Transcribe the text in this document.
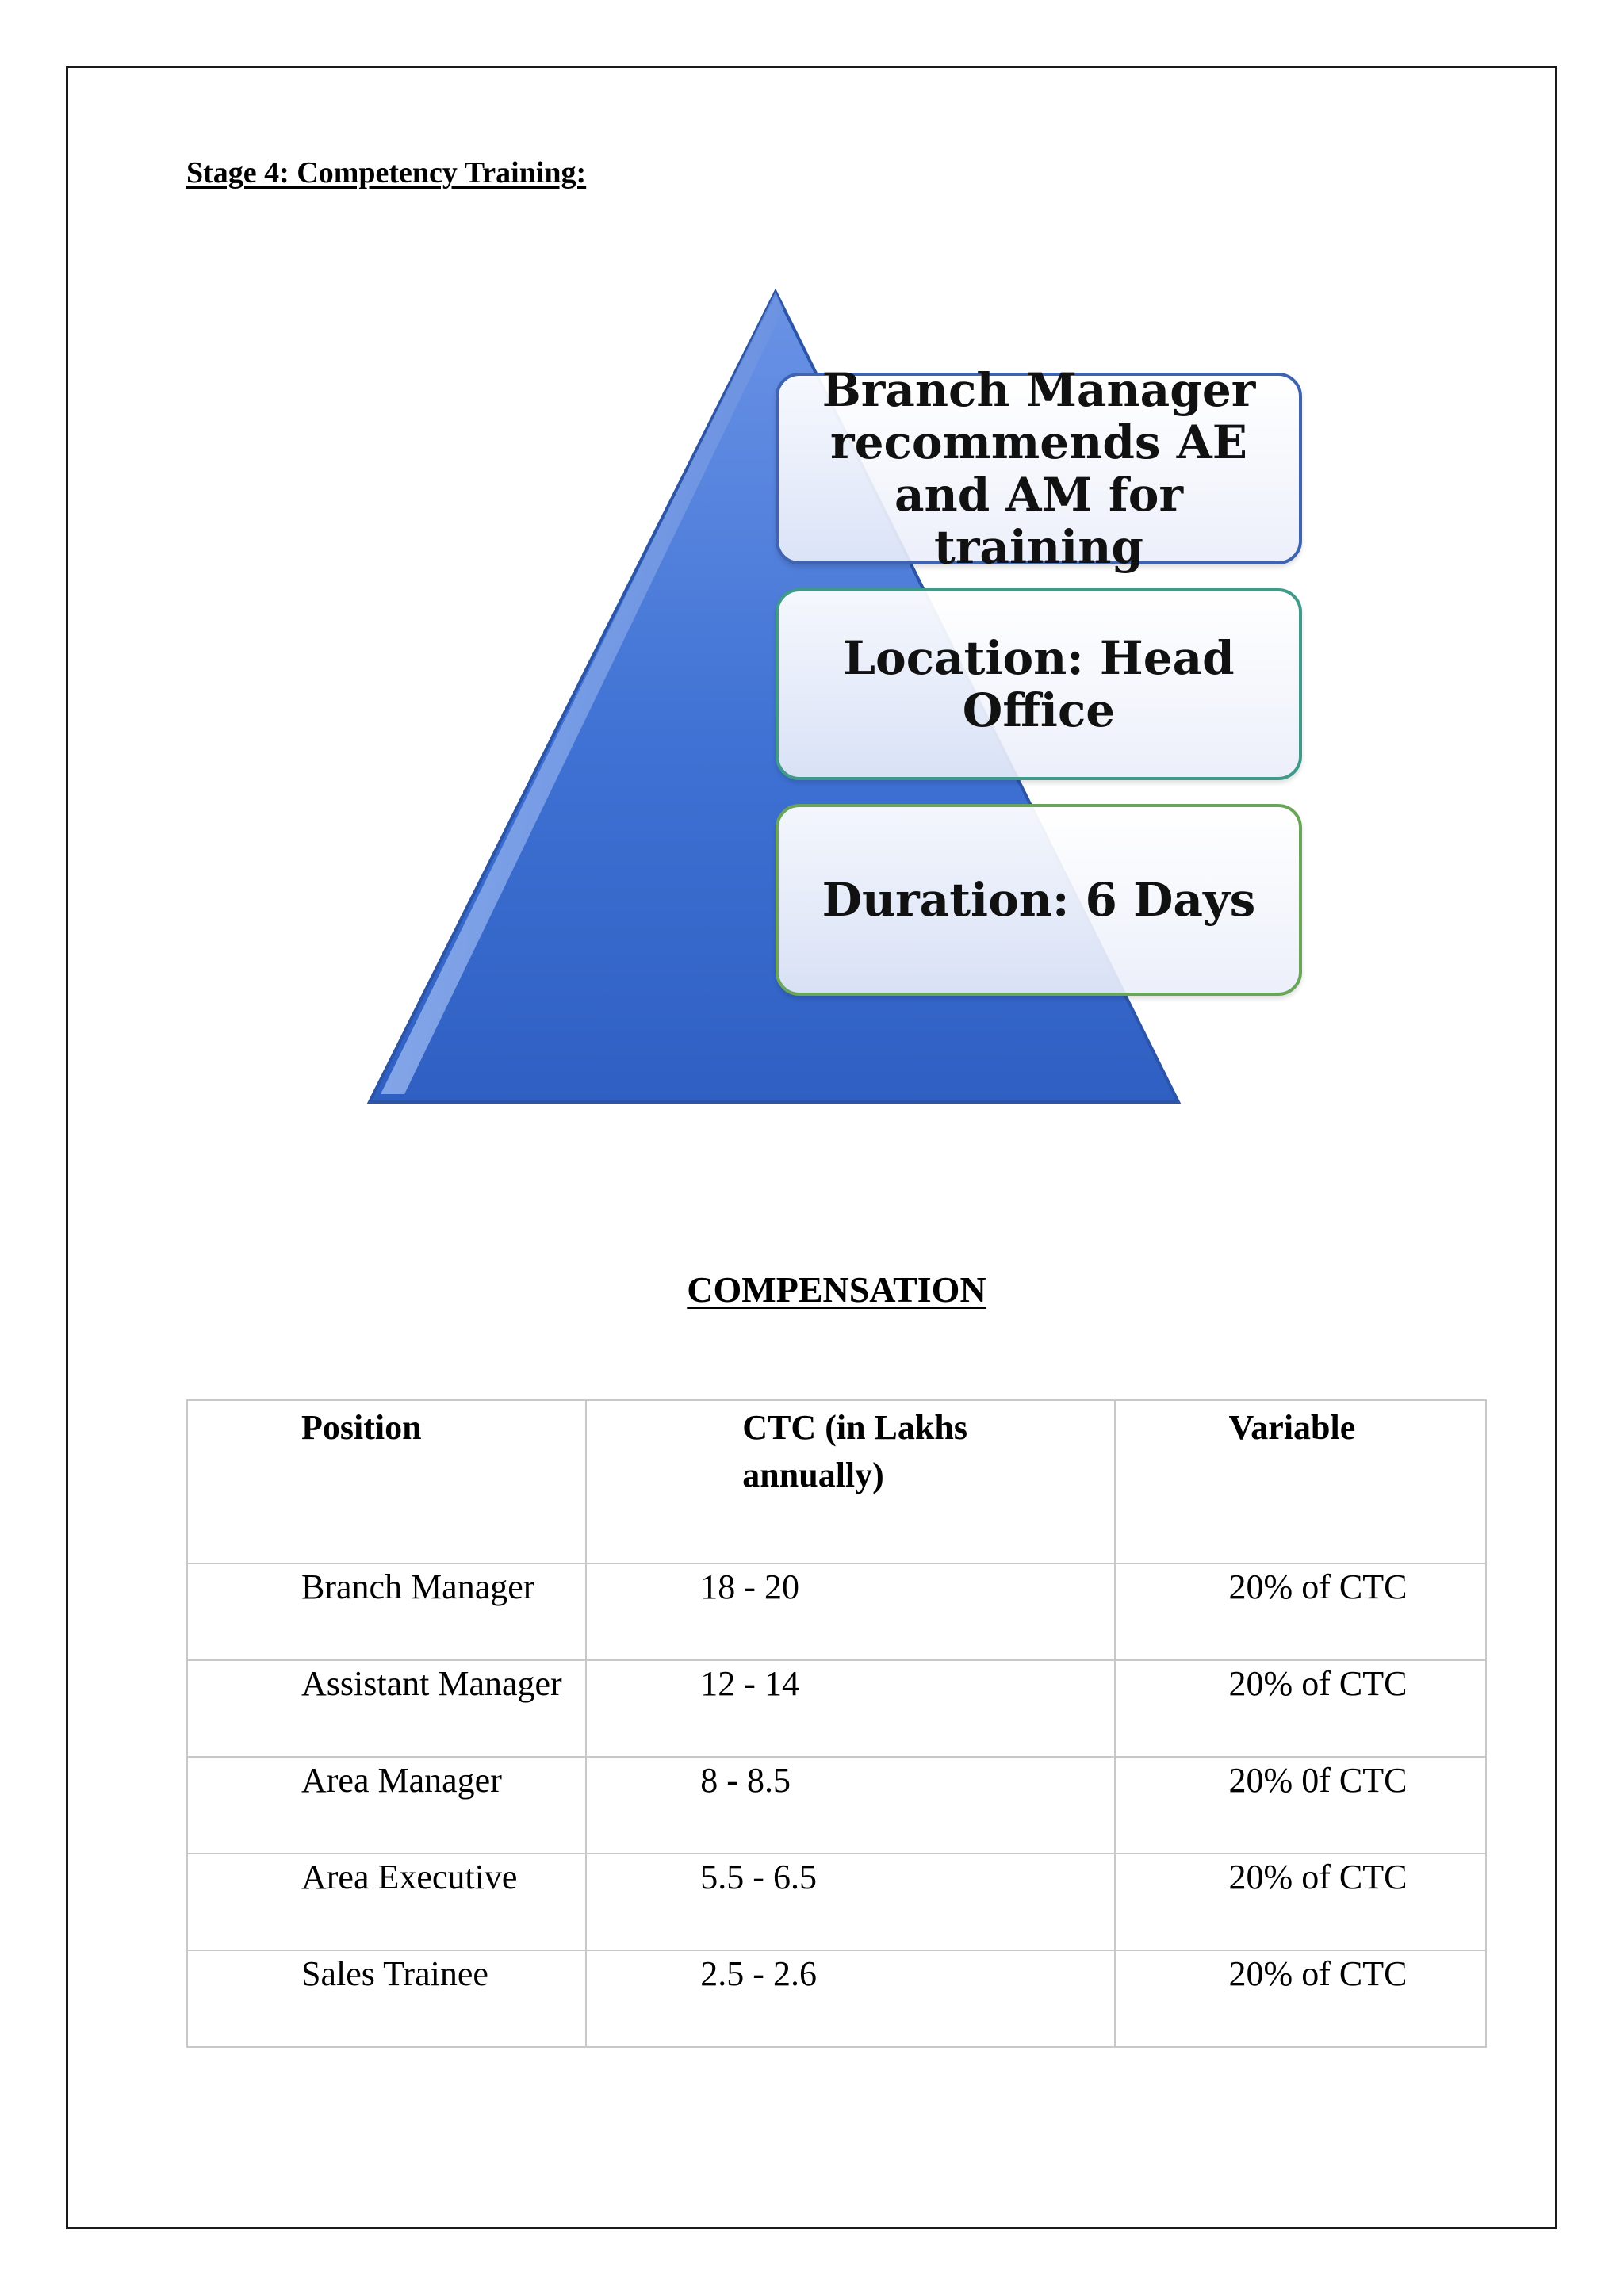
Stage 4: Competency Training:
Branch Manager recommends AE and AM for training
Location: Head Office
Duration: 6 Days
COMPENSATION
Position	CTC (in Lakhs annually)	Variable

Branch Manager	18 - 20	20% of CTC
Assistant Manager	12 - 14	20% of CTC
Area Manager	8 - 8.5	20% 0f CTC
Area Executive	5.5 - 6.5	20% of CTC
Sales Trainee	2.5 - 2.6	20% of CTC
